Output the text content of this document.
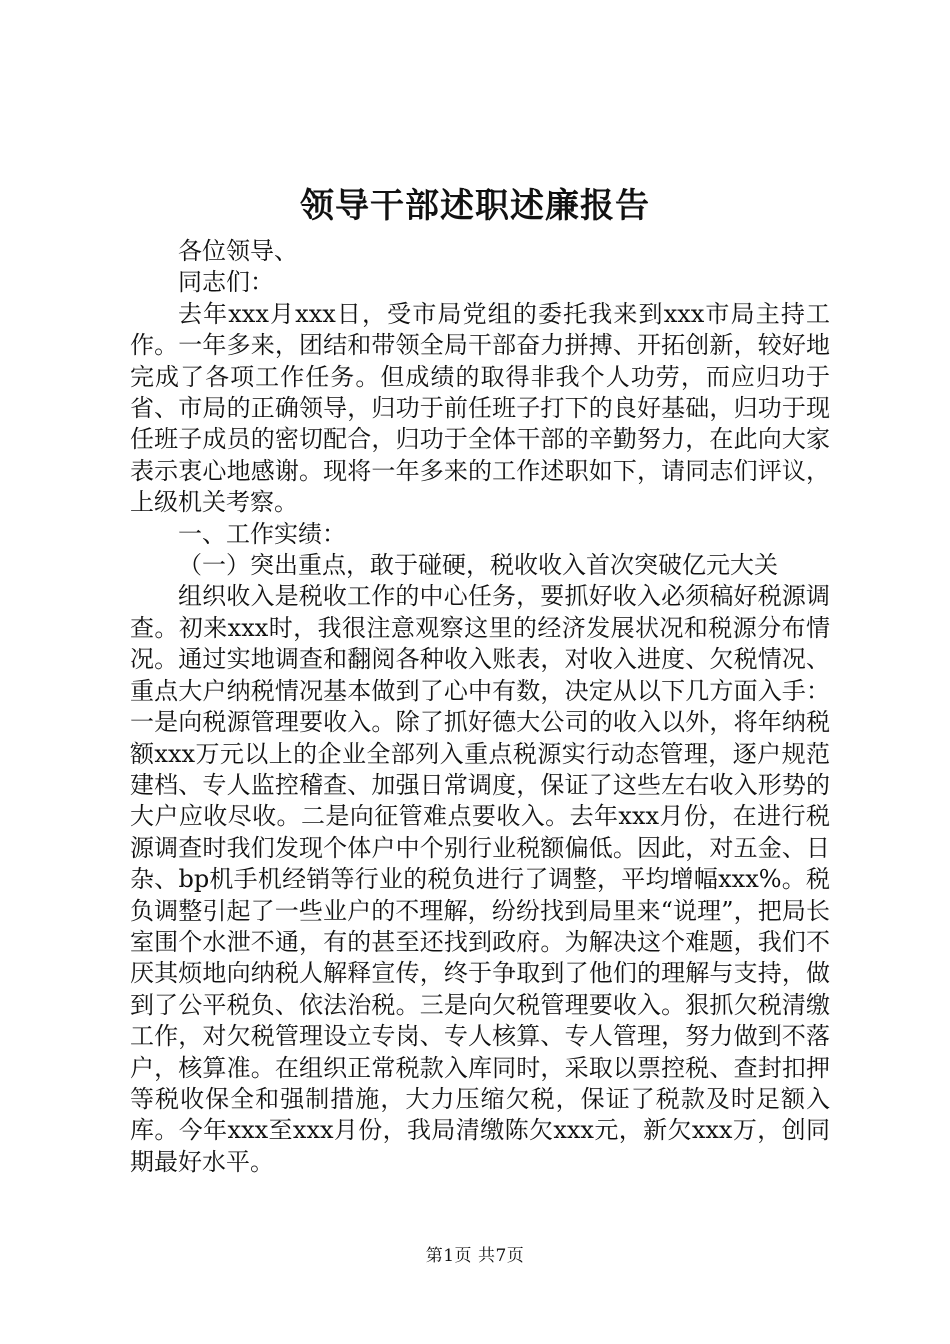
领导干部述职述廉报告

各位领导、

同志们：

去年xxx月xxx日，受市局党组的委托我来到xxx市局主持工作。一年多来，团结和带领全局干部奋力拼搏、开拓创新，较好地完成了各项工作任务。但成绩的取得非我个人功劳，而应归功于省、市局的正确领导，归功于前任班子打下的良好基础，归功于现任班子成员的密切配合，归功于全体干部的辛勤努力，在此向大家表示衷心地感谢。现将一年多来的工作述职如下，请同志们评议，上级机关考察。

一、工作实绩：

（一）突出重点，敢于碰硬，税收收入首次突破亿元大关

组织收入是税收工作的中心任务，要抓好收入必须稿好税源调查。初来xxx时，我很注意观察这里的经济发展状况和税源分布情况。通过实地调查和翻阅各种收入账表，对收入进度、欠税情况、重点大户纳税情况基本做到了心中有数，决定从以下几方面入手：一是向税源管理要收入。除了抓好德大公司的收入以外，将年纳税额xxx万元以上的企业全部列入重点税源实行动态管理，逐户规范建档、专人监控稽查、加强日常调度，保证了这些左右收入形势的大户应收尽收。二是向征管难点要收入。去年xxx月份，在进行税源调查时我们发现个体户中个别行业税额偏低。因此，对五金、日杂、bp机手机经销等行业的税负进行了调整，平均增幅xxx%。税负调整引起了一些业户的不理解，纷纷找到局里来“说理”，把局长室围个水泄不通，有的甚至还找到政府。为解决这个难题，我们不厌其烦地向纳税人解释宣传，终于争取到了他们的理解与支持，做到了公平税负、依法治税。三是向欠税管理要收入。狠抓欠税清缴工作，对欠税管理设立专岗、专人核算、专人管理，努力做到不落户，核算准。在组织正常税款入库同时，采取以票控税、查封扣押等税收保全和强制措施，大力压缩欠税，保证了税款及时足额入库。今年xxx至xxx月份，我局清缴陈欠xxx元，新欠xxx万，创同期最好水平。

第1页 共7页
